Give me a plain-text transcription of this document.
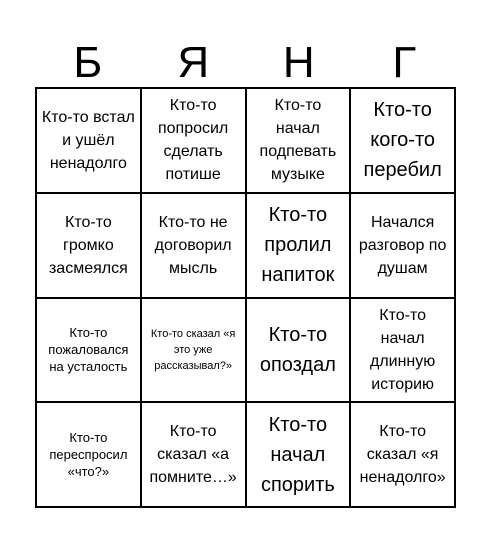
Б	Я	Н	Г
Кто-то встал и ушёл ненадолго
Кто-то попросил сделать потише
Кто-то начал подпевать музыке
Кто-то кого-то перебил
Кто-то громко засмеялся
Кто-то не договорил мысль
Кто-то пролил напиток
Начался разговор по душам
Кто-то пожаловался на усталость
Кто-то сказал «я это уже рассказывал?»
Кто-то опоздал
Кто-то начал длинную историю
Кто-то переспросил «что?»
Кто-то сказал «а помните…»
Кто-то начал спорить
Кто-то сказал «я ненадолго»
